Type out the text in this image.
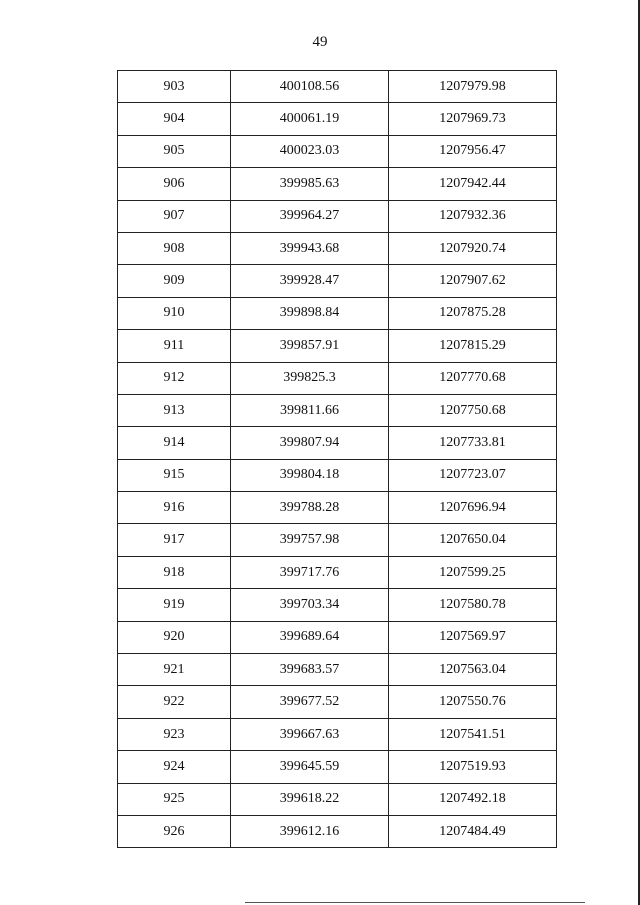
49
903	400108.56	1207979.98
904	400061.19	1207969.73
905	400023.03	1207956.47
906	399985.63	1207942.44
907	399964.27	1207932.36
908	399943.68	1207920.74
909	399928.47	1207907.62
910	399898.84	1207875.28
911	399857.91	1207815.29
912	399825.3	1207770.68
913	399811.66	1207750.68
914	399807.94	1207733.81
915	399804.18	1207723.07
916	399788.28	1207696.94
917	399757.98	1207650.04
918	399717.76	1207599.25
919	399703.34	1207580.78
920	399689.64	1207569.97
921	399683.57	1207563.04
922	399677.52	1207550.76
923	399667.63	1207541.51
924	399645.59	1207519.93
925	399618.22	1207492.18
926	399612.16	1207484.49
